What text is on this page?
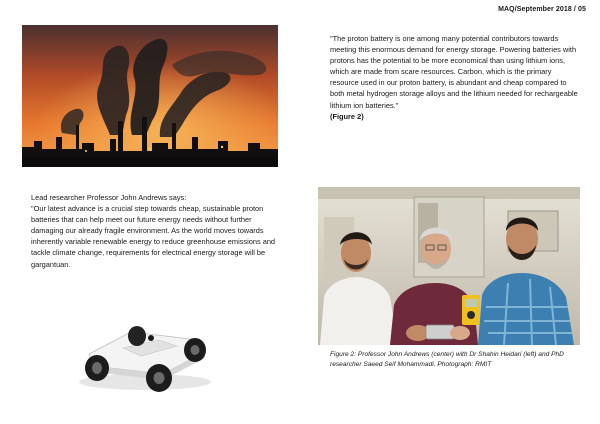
MAQ/September 2018 / 05
"The proton battery is one among many potential contributors towards meeting this enormous demand for energy storage. Powering batteries with protons has the potential to be more economical than using lithium ions, which are made from scare resources. Carbon, which is the primary resource used in our proton battery, is abundant and cheap compared to both metal hydrogen storage alloys and the lithium needed for rechargeable lithium ion batteries."
(Figure 2)

Lead researcher Professor John Andrews says:

"Our latest advance is a crucial step towards cheap, sustainable proton batteries that can help meet our future energy needs without further damaging our already fragile environment. As the world moves towards inherently variable renewable energy to reduce greenhouse emissions and tackle climate change, requirements for electrical energy storage will be gargantuan.

Figure 2: Professor John Andrews (center) with Dr Shahin Heidari (left) and PhD researcher Saeed Seif Mohammadi. Photograph: RMIT
